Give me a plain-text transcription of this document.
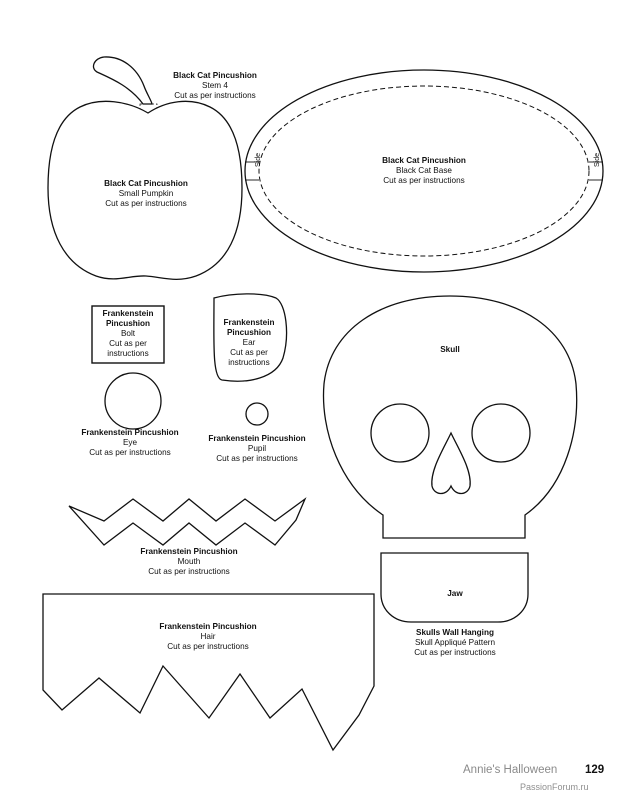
Black Cat Pincushion
Stem 4
Cut as per instructions
Black Cat Pincushion
Small Pumpkin
Cut as per instructions
Black Cat Pincushion
Black Cat Base
Cut as per instructions
Side	Side
Frankenstein
Pincushion
Bolt
Cut as per
instructions
Frankenstein
Pincushion
Ear
Cut as per
instructions
Frankenstein Pincushion
Eye
Cut as per instructions
Frankenstein Pincushion
Pupil
Cut as per instructions
Frankenstein Pincushion
Mouth
Cut as per instructions
Frankenstein Pincushion
Hair
Cut as per instructions
Skull
Jaw
Skulls Wall Hanging
Skull Appliqué Pattern
Cut as per instructions
Annie's Halloween 129
PassionForum.ru
